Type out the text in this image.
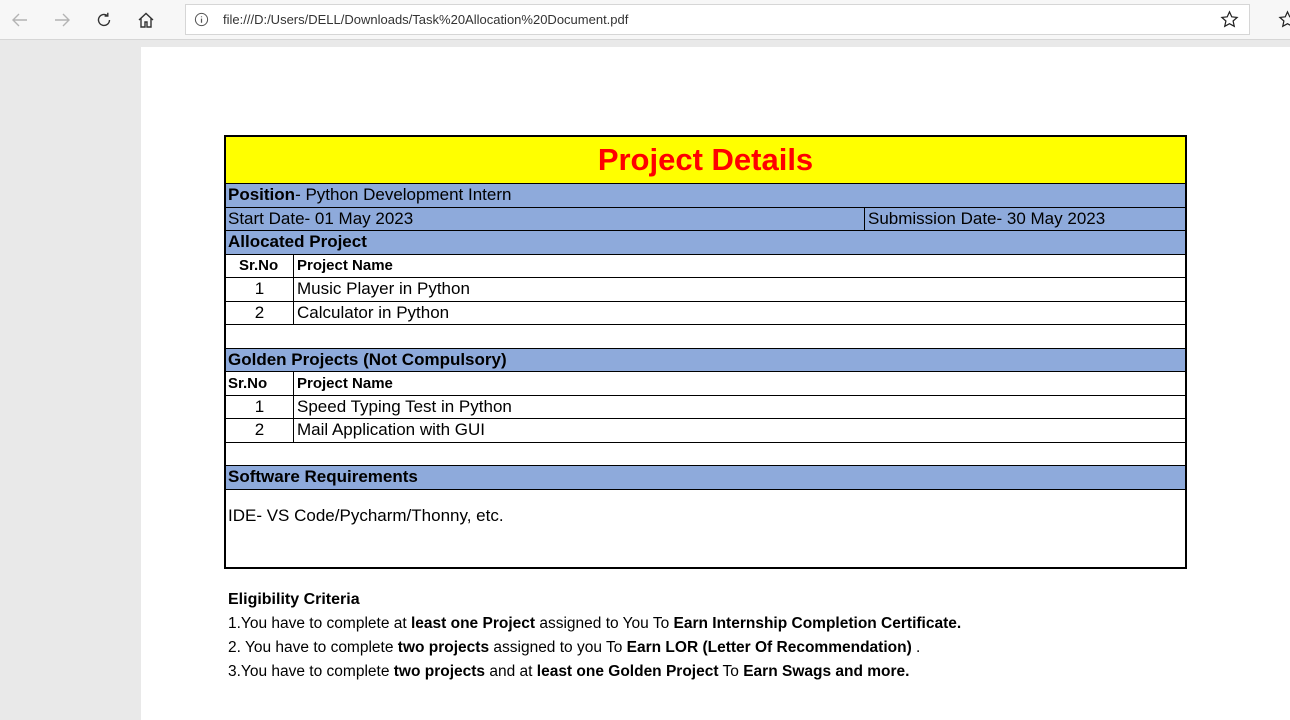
file:///D:/Users/DELL/Downloads/Task%20Allocation%20Document.pdf
Project Details
Position - Python Development Intern
Start Date- 01 May 2023	Submission Date- 30 May 2023
Allocated Project
Sr.No Project Name
1	Music Player in Python
2	Calculator in Python
Golden Projects (Not Compulsory)
Sr.No Project Name
1	Speed Typing Test in Python
2	Mail Application with GUI
Software Requirements
IDE- VS Code/Pycharm/Thonny, etc.
Eligibility Criteria
1.You have to complete at least one Project assigned to You To Earn Internship Completion Certificate.
2. You have to complete two projects assigned to you To Earn LOR (Letter Of Recommendation) .
3.You have to complete two projects and at least one Golden Project To Earn Swags and more.
